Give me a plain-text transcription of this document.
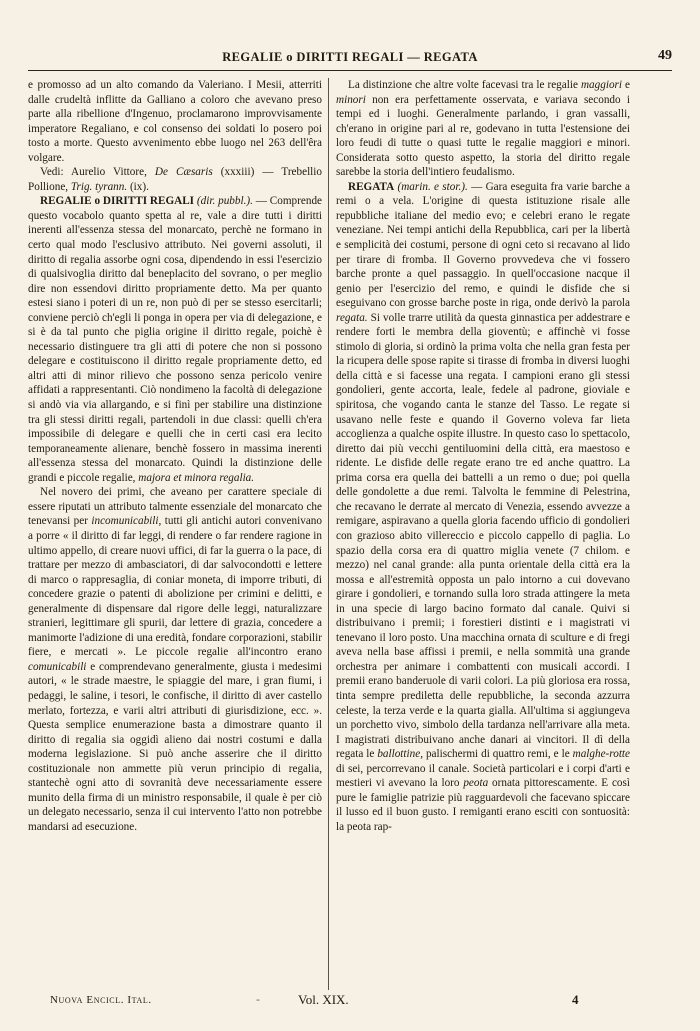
REGALIE o DIRITTI REGALI — REGATA	49

e promosso ad un alto comando da Valeriano. I Mesii, atterriti dalle crudeltà inflitte da Galliano a coloro che avevano preso parte alla ribellione d'Ingenuo, proclamarono improvvisamente imperatore Regaliano, e col consenso dei soldati lo posero poi tosto a morte. Questo avvenimento ebbe luogo nel 263 dell'êra volgare.

Vedi: Aurelio Vittore, De Cæsaris (xxxiii) — Trebellio Pollione, Trig. tyrann. (ix).

REGALIE o DIRITTI REGALI (dir. pubbl.). — Comprende questo vocabolo quanto spetta al re, vale a dire tutti i diritti inerenti all'essenza stessa del monarcato, perchè ne formano in certo qual modo l'esclusivo attributo. Nei governi assoluti, il diritto di regalia assorbe ogni cosa, dipendendo in essi l'esercizio di qualsivoglia diritto dal beneplacito del sovrano, o per meglio dire non essendovi diritto propriamente detto. Ma per quanto estesi siano i poteri di un re, non può di per se stesso esercitarli; conviene perciò ch'egli li ponga in opera per via di delegazione, e si è da tal punto che piglia origine il diritto regale, poichè è necessario distinguere tra gli atti di potere che non si possono delegare e costituiscono il diritto regale propriamente detto, ed altri atti di minor rilievo che possono senza pericolo venire affidati a rappresentanti. Ciò nondimeno la facoltà di delegazione si andò via via allargando, e si finì per stabilire una distinzione tra gli stessi diritti regali, partendoli in due classi: quelli ch'era impossibile di delegare e quelli che in certi casi era lecito temporaneamente alienare, benchè fossero in massima inerenti all'essenza stessa del monarcato. Quindi la distinzione delle grandi e piccole regalie, majora et minora regalia.

Nel novero dei primi, che aveano per carattere speciale di essere riputati un attributo talmente essenziale del monarcato che tenevansi per incomunicabili, tutti gli antichi autori convenivano a porre « il diritto di far leggi, di rendere o far rendere ragione in ultimo appello, di creare nuovi uffici, di far la guerra o la pace, di trattare per mezzo di ambasciatori, di dar salvocondotti e lettere di marco o rappresaglia, di coniar moneta, di imporre tributi, di concedere grazie o patenti di abolizione per crimini e delitti, e generalmente di dispensare dal rigore delle leggi, naturalizzare stranieri, legittimare gli spurii, dar lettere di grazia, concedere a manimorte l'adizione di una eredità, fondare corporazioni, stabilir fiere, e mercati ». Le piccole regalie all'incontro erano comunicabili e comprendevano generalmente, giusta i medesimi autori, « le strade maestre, le spiaggie del mare, i gran fiumi, i pedaggi, le saline, i tesori, le confische, il diritto di aver castello merlato, fortezza, e varii altri attributi di giurisdizione, ecc. ». Questa semplice enumerazione basta a dimostrare quanto il diritto di regalia sia oggidì alieno dai nostri costumi e dalla moderna legislazione. Si può anche asserire che il diritto costituzionale non ammette più verun principio di regalia, stantechè ogni atto di sovranità deve necessariamente essere munito della firma di un ministro responsabile, il quale è per ciò un delegato necessario, senza il cui intervento l'atto non potrebbe mandarsi ad esecuzione.

La distinzione che altre volte facevasi tra le regalie maggiori e minori non era perfettamente osservata, e variava secondo i tempi ed i luoghi. Generalmente parlando, i gran vassalli, ch'erano in origine pari al re, godevano in tutta l'estensione dei loro feudi di tutte o quasi tutte le regalie maggiori e minori. Considerata sotto questo aspetto, la storia del diritto regale sarebbe la storia dell'intiero feudalismo.

REGATA (marin. e stor.). — Gara eseguita fra varie barche a remi o a vela. L'origine di questa istituzione risale alle repubbliche italiane del medio evo; e celebri erano le regate veneziane. Nei tempi antichi della Repubblica, cari per la libertà e semplicità dei costumi, persone di ogni ceto si recavano al lido per tirare di fromba. Il Governo provvedeva che vi fossero barche pronte a quel passaggio. In quell'occasione nacque il genio per l'esercizio del remo, e quindi le disfide che si eseguivano con grosse barche poste in riga, onde derivò la parola regata. Si volle trarre utilità da questa ginnastica per addestrare e rendere forti le membra della gioventù; e affinchè vi fosse stimolo di gloria, si ordinò la prima volta che nella gran festa per la ricupera delle spose rapite si tirasse di fromba in diversi luoghi della città e si facesse una regata. I campioni erano gli stessi gondolieri, gente accorta, leale, fedele al padrone, gioviale e spiritosa, che vogando canta le stanze del Tasso. Le regate si usavano nelle feste e quando il Governo voleva far lieta accoglienza a qualche ospite illustre. In questo caso lo spettacolo, diretto dai più vecchi gentiluomini della città, era maestoso e ridente. Le disfide delle regate erano tre ed anche quattro. La prima corsa era quella dei battelli a un remo o due; poi quella delle gondolette a due remi. Talvolta le femmine di Pelestrina, che recavano le derrate al mercato di Venezia, essendo avvezze a remigare, aspiravano a quella gloria facendo ufficio di gondolieri con grazioso abito villereccio e piccolo cappello di paglia. Lo spazio della corsa era di quattro miglia venete (7 chilom. e mezzo) nel canal grande: alla punta orientale della città era la mossa e all'estremità opposta un palo intorno a cui dovevano girare i gondolieri, e tornando sulla loro strada attingere la meta in una specie di largo bacino formato dal canale. Quivi si distribuivano i premii; i forestieri distinti e i magistrati vi tenevano il loro posto. Una macchina ornata di sculture e di fregi aveva nella base affissi i premii, e nella sommità una grande orchestra per animare i combattenti con musicali accordi. I premii erano banderuole di varii colori. La più gloriosa era rossa, tinta sempre prediletta delle repubbliche, la seconda azzurra celeste, la terza verde e la quarta gialla. All'ultima si aggiungeva un porchetto vivo, simbolo della tardanza nell'arrivare alla meta. I magistrati distribuivano anche danari ai vincitori. Il dì della regata le ballottine, palischermi di quattro remi, e le malghe-rotte di sei, percorrevano il canale. Società particolari e i corpi d'arti e mestieri vi avevano la loro peota ornata pittorescamente. E così pure le famiglie patrizie più ragguardevoli che facevano spiccare il lusso ed il buon gusto. I remiganti erano esciti con sontuosità: la peota rap-

Nuova Encicl. Ital.	-	Vol. XIX.	4
